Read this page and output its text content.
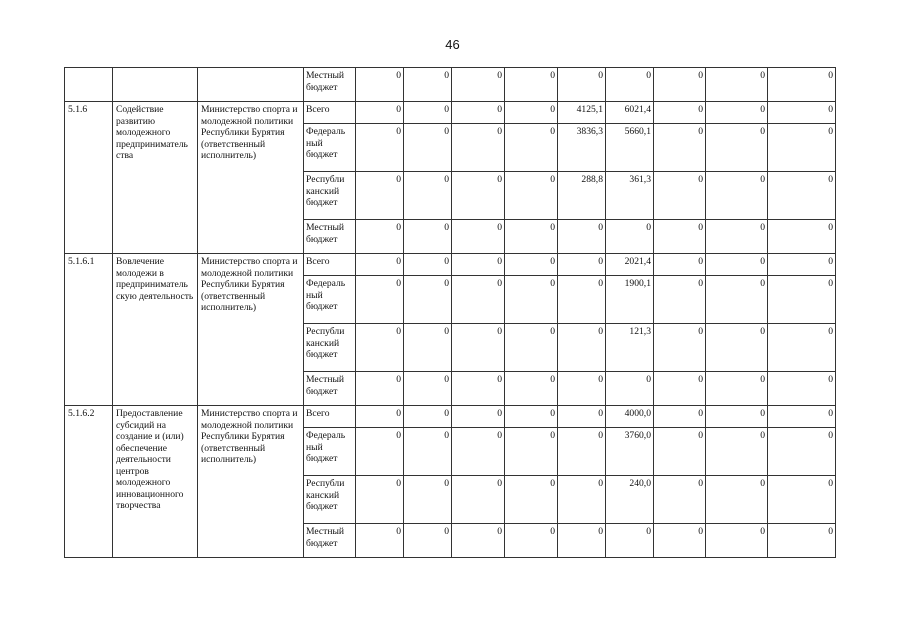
46
			Местный бюджет	0	0	0	0	0	0	0	0	0
5.1.6	Содействие развитию молодежного предприниматель ства	Министерство спорта и молодежной политики Республики Бурятия (ответственный исполнитель)	Всего	0	0	0	0	4125,1	6021,4	0	0	0
			Федераль ный бюджет	0	0	0	0	3836,3	5660,1	0	0	0
			Республи канский бюджет	0	0	0	0	288,8	361,3	0	0	0
			Местный бюджет	0	0	0	0	0	0	0	0	0
5.1.6.1	Вовлечение молодежи в предприниматель скую деятельность	Министерство спорта и молодежной политики Республики Бурятия (ответственный исполнитель)	Всего	0	0	0	0	0	2021,4	0	0	0
			Федераль ный бюджет	0	0	0	0	0	1900,1	0	0	0
			Республи канский бюджет	0	0	0	0	0	121,3	0	0	0
			Местный бюджет	0	0	0	0	0	0	0	0	0
5.1.6.2	Предоставление субсидий на создание и (или) обеспечение деятельности центров молодежного инновационного творчества	Министерство спорта и молодежной политики Республики Бурятия (ответственный исполнитель)	Всего	0	0	0	0	0	4000,0	0	0	0
			Федераль ный бюджет	0	0	0	0	0	3760,0	0	0	0
			Республи канский бюджет	0	0	0	0	0	240,0	0	0	0
			Местный бюджет	0	0	0	0	0	0	0	0	0
